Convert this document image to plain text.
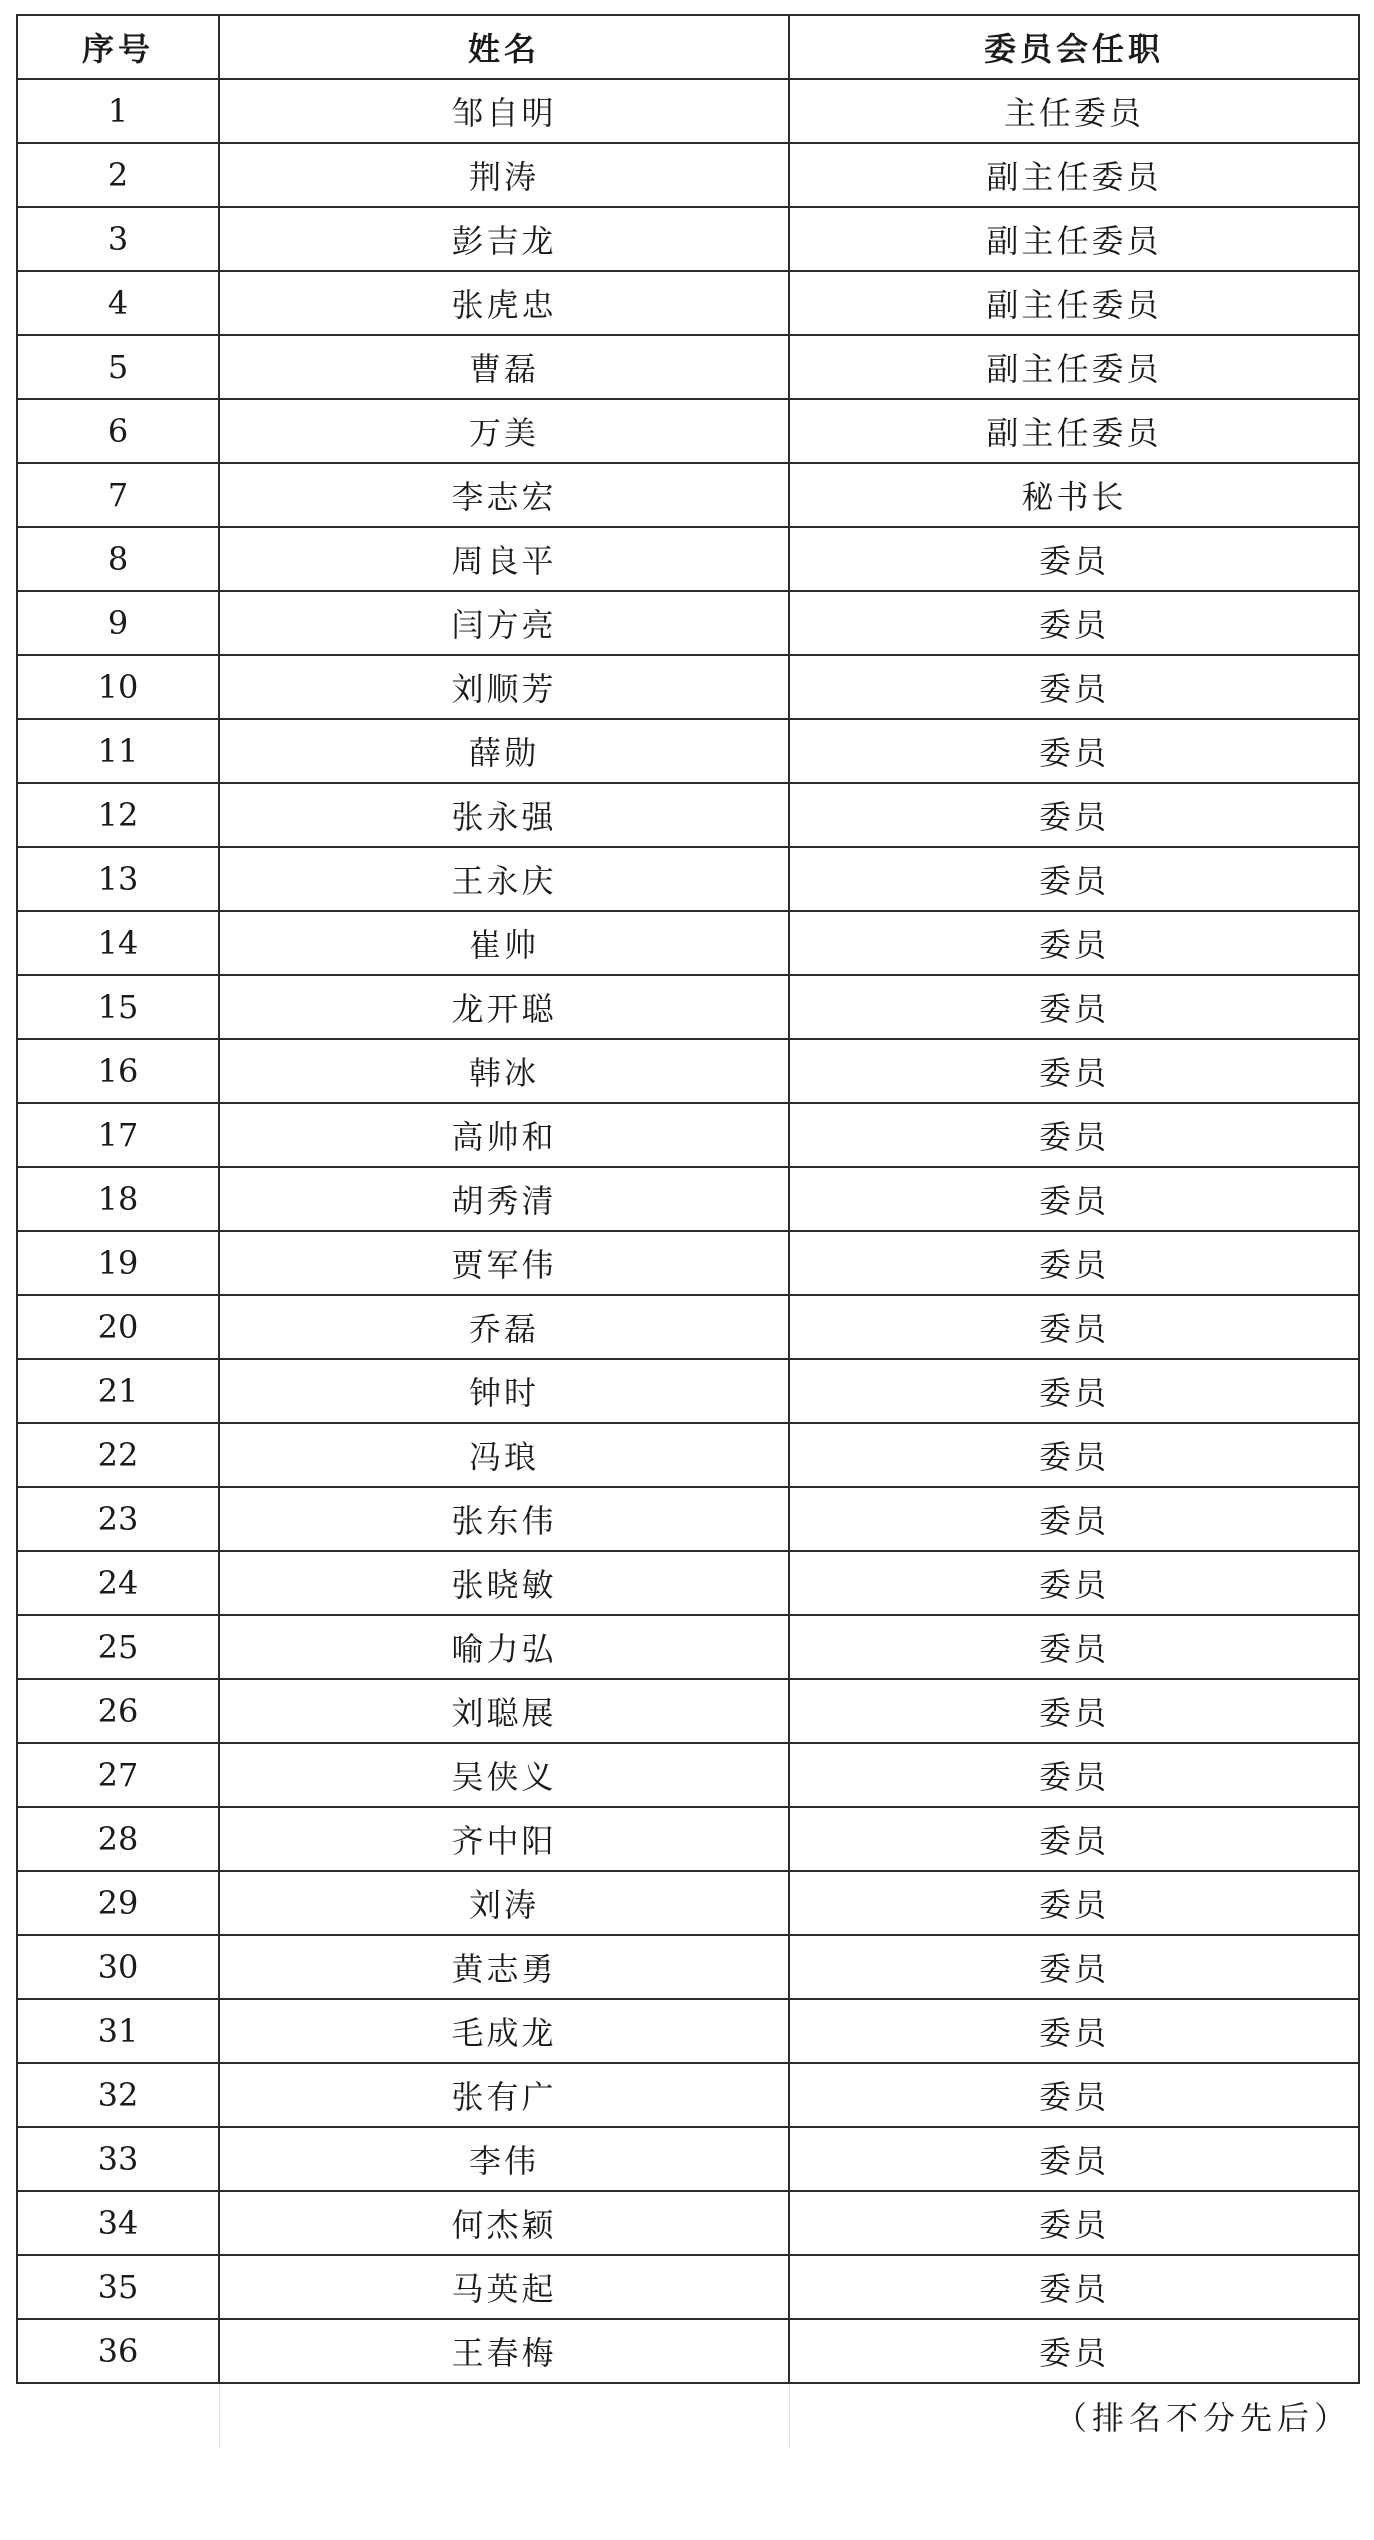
序号	姓名	委员会任职
1	邹自明	主任委员
2	荆涛	副主任委员
3	彭吉龙	副主任委员
4	张虎忠	副主任委员
5	曹磊	副主任委员
6	万美	副主任委员
7	李志宏	秘书长
8	周良平	委员
9	闫方亮	委员
10	刘顺芳	委员
11	薛勋	委员
12	张永强	委员
13	王永庆	委员
14	崔帅	委员
15	龙开聪	委员
16	韩冰	委员
17	高帅和	委员
18	胡秀清	委员
19	贾军伟	委员
20	乔磊	委员
21	钟时	委员
22	冯琅	委员
23	张东伟	委员
24	张晓敏	委员
25	喻力弘	委员
26	刘聪展	委员
27	吴侠义	委员
28	齐中阳	委员
29	刘涛	委员
30	黄志勇	委员
31	毛成龙	委员
32	张有广	委员
33	李伟	委员
34	何杰颖	委员
35	马英起	委员
36	王春梅	委员
		（排名不分先后）
